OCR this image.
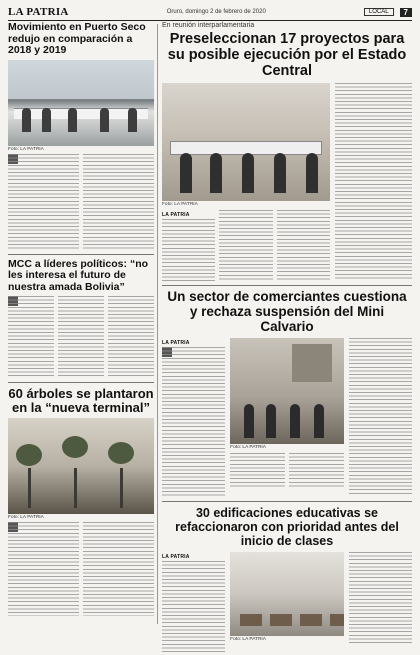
LA PATRIA	Oruro, domingo 2 de febrero de 2020	LOCAL	7
Movimiento en Puerto Seco redujo en comparación a 2018 y 2019
Foto: LA PATRIA
MCC a líderes políticos: “no les interesa el futuro de nuestra amada Bolivia”
60 árboles se plantaron en la “nueva terminal”
Foto: LA PATRIA
En reunión interparlamentaria
Preseleccionan 17 proyectos para su posible ejecución por el Estado Central
Foto: LA PATRIA
LA PATRIA
Un sector de comerciantes cuestiona y rechaza suspensión del Mini Calvario
LA PATRIA
Foto: LA PATRIA
30 edificaciones educativas se refaccionaron con prioridad antes del inicio de clases
LA PATRIA
Foto: LA PATRIA
